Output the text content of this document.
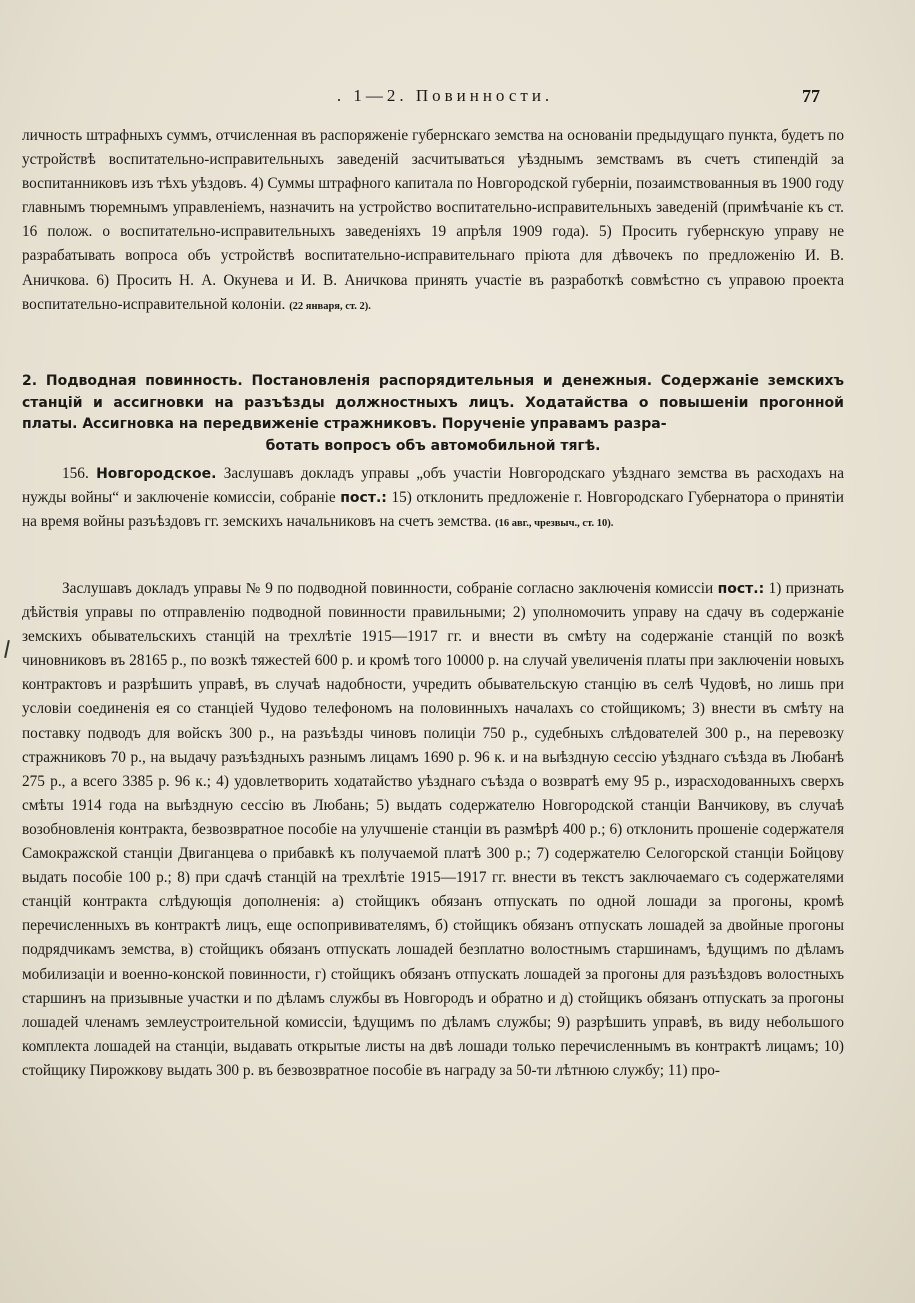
. 1—2. Повинности.	77
личность штрафныхъ суммъ, отчисленная въ распоряженіе губернскаго земства на основаніи предыдущаго пункта, будетъ по устройствѣ воспитательно-исправительныхъ заведеній засчитываться уѣзднымъ земствамъ въ счетъ стипендій за воспитанниковъ изъ тѣхъ уѣздовъ. 4) Суммы штрафного капитала по Новгородской губерніи, позаимствованныя въ 1900 году главнымъ тюремнымъ управленіемъ, назначить на устройство воспитательно-исправительныхъ заведеній (примѣчаніе къ ст. 16 полож. о воспитательно-исправительныхъ заведеніяхъ 19 апрѣля 1909 года). 5) Просить губернскую управу не разрабатывать вопроса объ устройствѣ воспитательно-исправительнаго пріюта для дѣвочекъ по предложенію И. В. Аничкова. 6) Просить Н. А. Окунева и И. В. Аничкова принять участіе въ разработкѣ совмѣстно съ управою проекта воспитательно-исправительной колоніи. (22 января, ст. 2).
2. Подводная повинность. Постановленія распорядительныя и денежныя. Содержаніе земскихъ станцій и ассигновки на разъѣзды должностныхъ лицъ. Ходатайства о повышеніи прогонной платы. Ассигновка на передвиженіе стражниковъ. Порученіе управамъ разра-
ботать вопросъ объ автомобильной тягѣ.
156. Новгородское. Заслушавъ докладъ управы „объ участіи Новгородскаго уѣзднаго земства въ расходахъ на нужды войны“ и заключеніе комиссіи, собраніе пост.: 15) отклонить предложеніе г. Новгородскаго Губернатора о принятіи на время войны разъѣздовъ гг. земскихъ начальниковъ на счетъ земства. (16 авг., чрезвыч., ст. 10).
Заслушавъ докладъ управы № 9 по подводной повинности, собраніе согласно заключенія комиссіи пост.: 1) признать дѣйствія управы по отправленію подводной повинности правильными; 2) уполномочить управу на сдачу въ содержаніе земскихъ обывательскихъ станцій на трехлѣтіе 1915—1917 гг. и внести въ смѣту на содержаніе станцій по возкѣ чиновниковъ въ 28165 р., по возкѣ тяжестей 600 р. и кромѣ того 10000 р. на случай увеличенія платы при заключеніи новыхъ контрактовъ и разрѣшить управѣ, въ случаѣ надобности, учредить обывательскую станцію въ селѣ Чудовѣ, но лишь при условіи соединенія ея со станціей Чудово телефономъ на половинныхъ началахъ со стойщикомъ; 3) внести въ смѣту на поставку подводъ для войскъ 300 р., на разъѣзды чиновъ полиціи 750 р., судебныхъ слѣдователей 300 р., на перевозку стражниковъ 70 р., на выдачу разъѣздныхъ разнымъ лицамъ 1690 р. 96 к. и на выѣздную сессію уѣзднаго съѣзда въ Любанѣ 275 р., а всего 3385 р. 96 к.; 4) удовлетворить ходатайство уѣзднаго съѣзда о возвратѣ ему 95 р., израсходованныхъ сверхъ смѣты 1914 года на выѣздную сессію въ Любань; 5) выдать содержателю Новгородской станціи Ванчикову, въ случаѣ возобновленія контракта, безвозвратное пособіе на улучшеніе станціи въ размѣрѣ 400 р.; 6) отклонить прошеніе содержателя Самокражской станціи Двиганцева о прибавкѣ къ получаемой платѣ 300 р.; 7) содержателю Селогорской станціи Бойцову выдать пособіе 100 р.; 8) при сдачѣ станцій на трехлѣтіе 1915—1917 гг. внести въ текстъ заключаемаго съ содержателями станцій контракта слѣдующія дополненія: а) стойщикъ обязанъ отпускать по одной лошади за прогоны, кромѣ перечисленныхъ въ контрактѣ лицъ, еще оспопрививателямъ, б) стойщикъ обязанъ отпускать лошадей за двойные прогоны подрядчикамъ земства, в) стойщикъ обязанъ отпускать лошадей безплатно волостнымъ старшинамъ, ѣдущимъ по дѣламъ мобилизаціи и военно-конской повинности, г) стойщикъ обязанъ отпускать лошадей за прогоны для разъѣздовъ волостныхъ старшинъ на призывные участки и по дѣламъ службы въ Новгородъ и обратно и д) стойщикъ обязанъ отпускать за прогоны лошадей членамъ землеустроительной комиссіи, ѣдущимъ по дѣламъ службы; 9) разрѣшить управѣ, въ виду небольшого комплекта лошадей на станціи, выдавать открытые листы на двѣ лошади только перечисленнымъ въ контрактѣ лицамъ; 10) стойщику Пирожкову выдать 300 р. въ безвозвратное пособіе въ награду за 50-ти лѣтнюю службу; 11) про-
